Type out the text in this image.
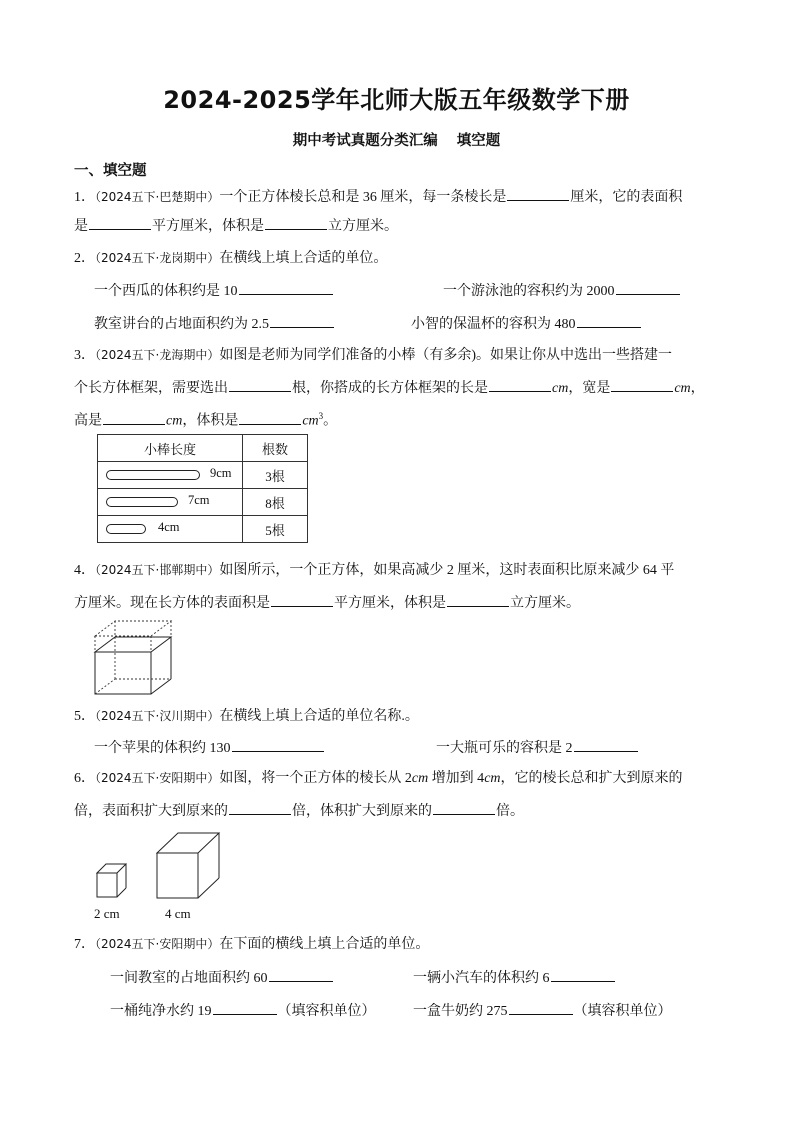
2024-2025学年北师大版五年级数学下册
期中考试真题分类汇编 填空题
一、填空题
1．（2024五下·巴楚期中）一个正方体棱长总和是 36 厘米，每一条棱长是	厘米，它的表面积
是	平方厘米，体积是	立方厘米。
2．（2024五下·龙岗期中）在横线上填上合适的单位。
一个西瓜的体积约是 10	一个游泳池的容积约为 2000
教室讲台的占地面积约为 2.5	小智的保温杯的容积为 480
3．（2024五下·龙海期中）如图是老师为同学们准备的小棒（有多余)。如果让你从中选出一些搭建一
个长方体框架，需要选出	根，你搭成的长方体框架的长是	cm，宽是	cm，
高是	cm，体积是	$cm^3$。
小棒长度	根数

9cm	3根

7cm	8根

4cm	5根
4．（2024五下·邯郸期中）如图所示，一个正方体，如果高减少 2 厘米，这时表面积比原来减少 64 平
方厘米。现在长方体的表面积是	平方厘米，体积是	立方厘米。
5．（2024五下·汉川期中）在横线上填上合适的单位名称.。
一个苹果的体积约 130	一大瓶可乐的容积是 2
6．（2024五下·安阳期中）如图，将一个正方体的棱长从 2cm 增加到 4cm，它的棱长总和扩大到原来的
倍，表面积扩大到原来的	倍，体积扩大到原来的	倍。
2 cm	4 cm
7．（2024五下·安阳期中）在下面的横线上填上合适的单位。
一间教室的占地面积约 60	一辆小汽车的体积约 6
一桶纯净水约 19	（填容积单位）	一盒牛奶约 275	（填容积单位）
